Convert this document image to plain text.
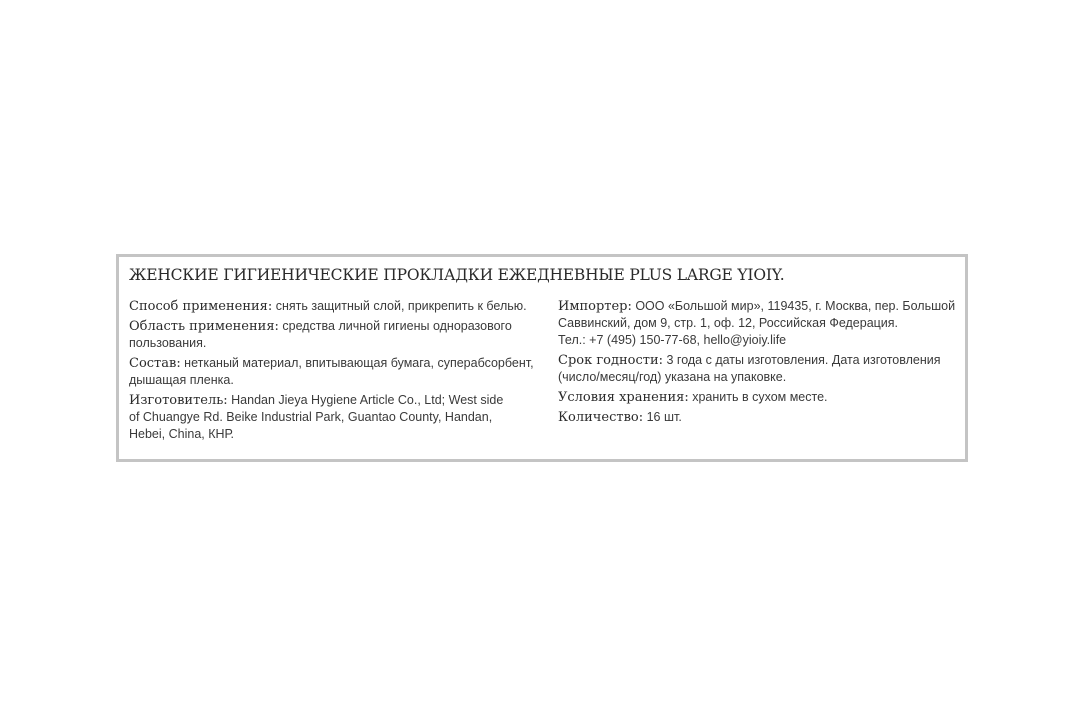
ЖЕНСКИЕ ГИГИЕНИЧЕСКИЕ ПРОКЛАДКИ ЕЖЕДНЕВНЫЕ PLUS LARGE YIOIY.
Способ применения: снять защитный слой, прикрепить к белью.
Область применения: средства личной гигиены одноразового
пользования.
Состав: нетканый материал, впитывающая бумага, суперабсорбент,
дышащая пленка.
Изготовитель: Handan Jieya Hygiene Article Co., Ltd; West side
of Chuangye Rd. Beike Industrial Park, Guantao County, Handan,
Hebei, China, КНР.
Импортер: ООО «Большой мир», 119435, г. Москва, пер. Большой
Саввинский, дом 9, стр. 1, оф. 12, Российская Федерация.
Тел.: +7 (495) 150-77-68, hello@yioiy.life
Срок годности: 3 года с даты изготовления. Дата изготовления
(число/месяц/год) указана на упаковке.
Условия хранения: хранить в сухом месте.
Количество: 16 шт.
